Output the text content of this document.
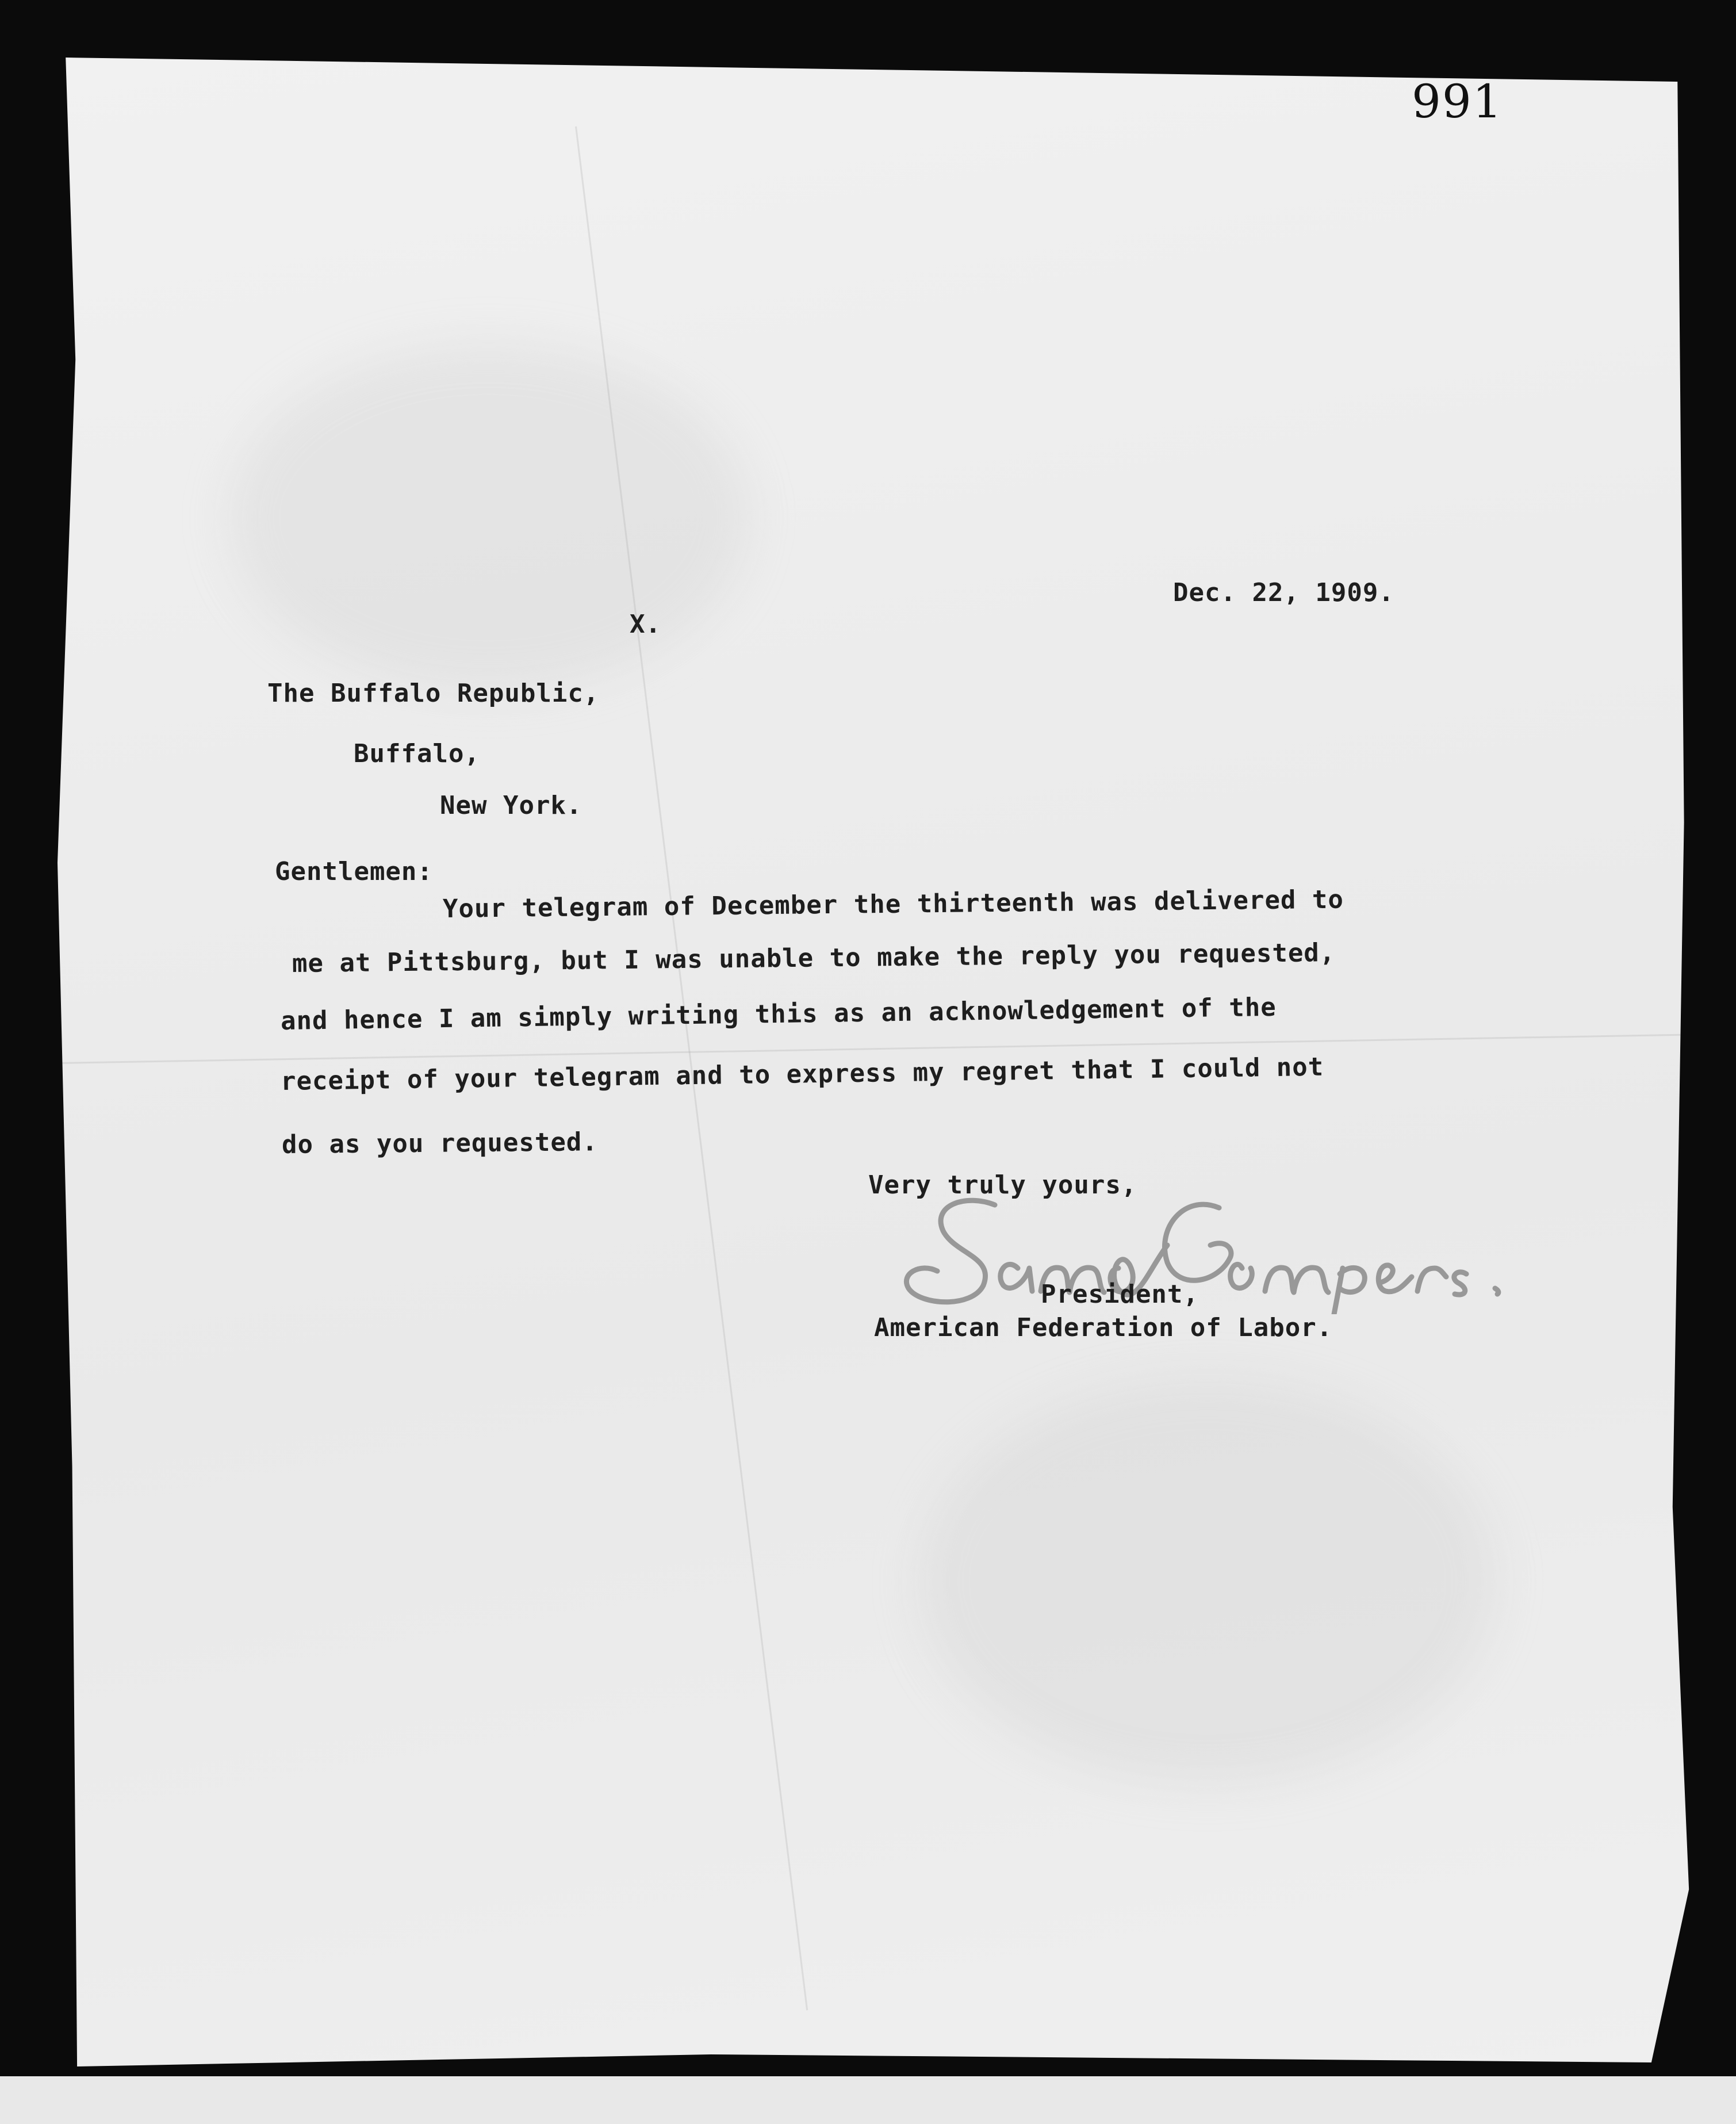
991
Dec. 22, 1909.
X.
The Buffalo Republic,
Buffalo,
New York.
Gentlemen:
Your telegram of December the thirteenth was delivered to
me at Pittsburg, but I was unable to make the reply you requested,
and hence I am simply writing this as an acknowledgement of the
receipt of your telegram and to express my regret that I could not
do as you requested.
Very truly yours,
President,
American Federation of Labor.
